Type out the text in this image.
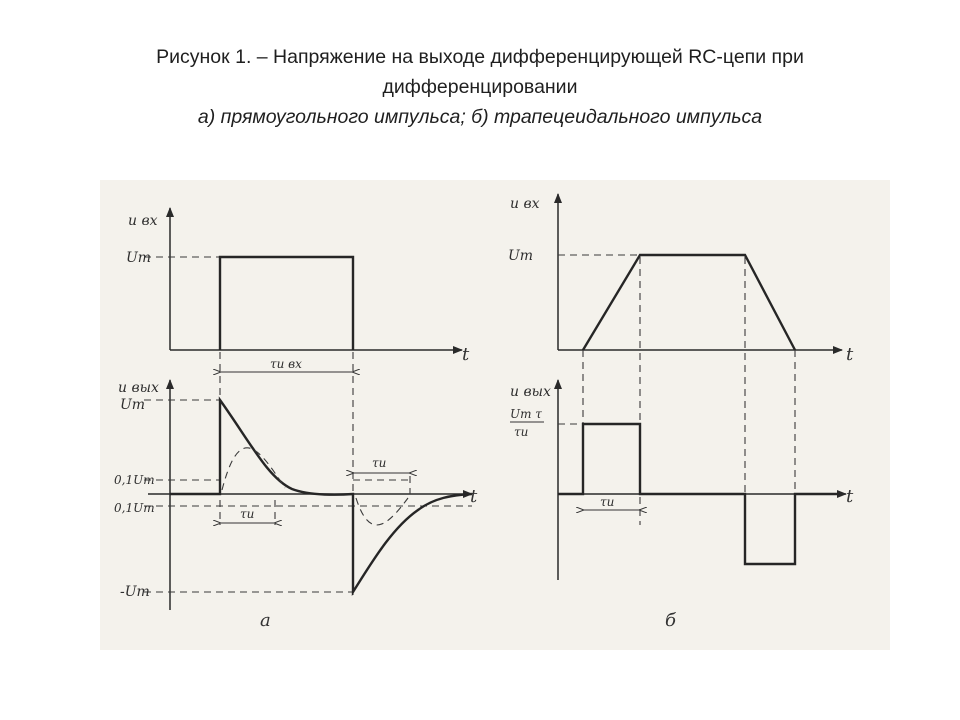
Рисунок 1. – Напряжение на выходе дифференцирующей RC-цепи при
дифференцировании
а) прямоугольного импульса; б) трапецеидального импульса
u вх
Um
t
τи вх
u вых
Um
0,1Um
0,1Um
-Um
t
τи
τи
а
u вх
Um
t
u вых
Um τ
τи
t
τи
б
